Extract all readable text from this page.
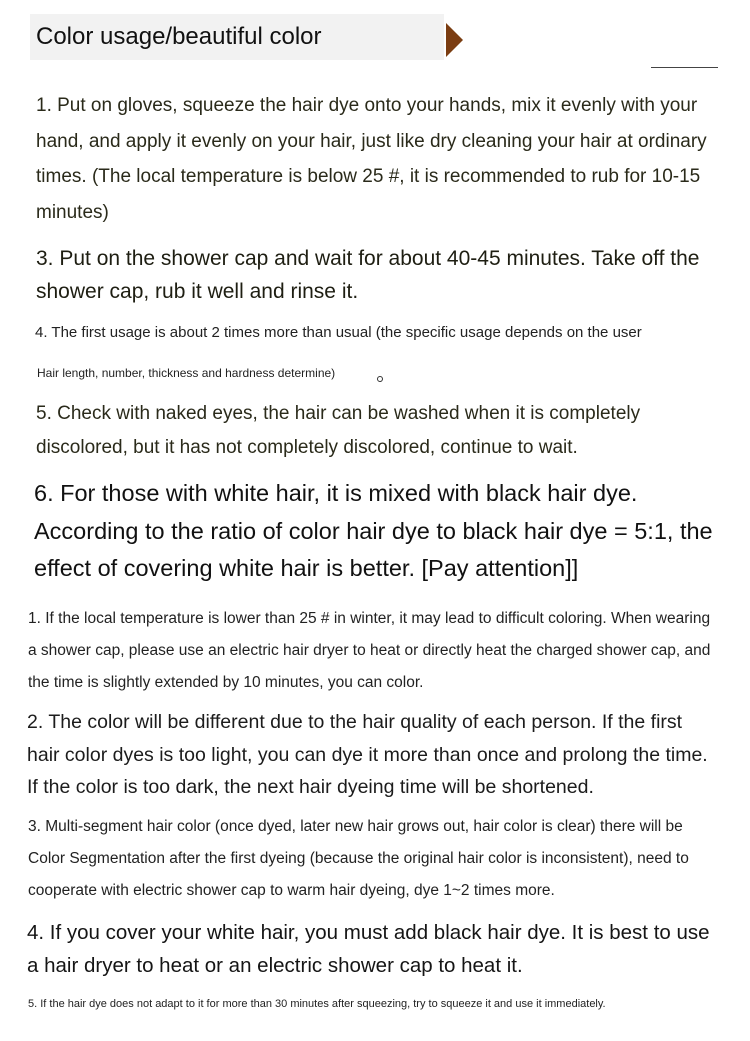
Color usage/beautiful color

1. Put on gloves, squeeze the hair dye onto your hands, mix it evenly with your hand, and apply it evenly on your hair, just like dry cleaning your hair at ordinary times. (The local temperature is below 25 #, it is recommended to rub for 10-15 minutes)

3. Put on the shower cap and wait for about 40-45 minutes. Take off the shower cap, rub it well and rinse it.

4. The first usage is about 2 times more than usual (the specific usage depends on the user

Hair length, number, thickness and hardness determine)

5. Check with naked eyes, the hair can be washed when it is completely discolored, but it has not completely discolored, continue to wait.

6. For those with white hair, it is mixed with black hair dye. According to the ratio of color hair dye to black hair dye = 5:1, the effect of covering white hair is better. [Pay attention]]

1. If the local temperature is lower than 25 # in winter, it may lead to difficult coloring. When wearing a shower cap, please use an electric hair dryer to heat or directly heat the charged shower cap, and the time is slightly extended by 10 minutes, you can color.

2. The color will be different due to the hair quality of each person. If the first hair color dyes is too light, you can dye it more than once and prolong the time. If the color is too dark, the next hair dyeing time will be shortened.

3. Multi-segment hair color (once dyed, later new hair grows out, hair color is clear) there will be Color Segmentation after the first dyeing (because the original hair color is inconsistent), need to cooperate with electric shower cap to warm hair dyeing, dye 1~2 times more.

4. If you cover your white hair, you must add black hair dye. It is best to use a hair dryer to heat or an electric shower cap to heat it.

5. If the hair dye does not adapt to it for more than 30 minutes after squeezing, try to squeeze it and use it immediately.
